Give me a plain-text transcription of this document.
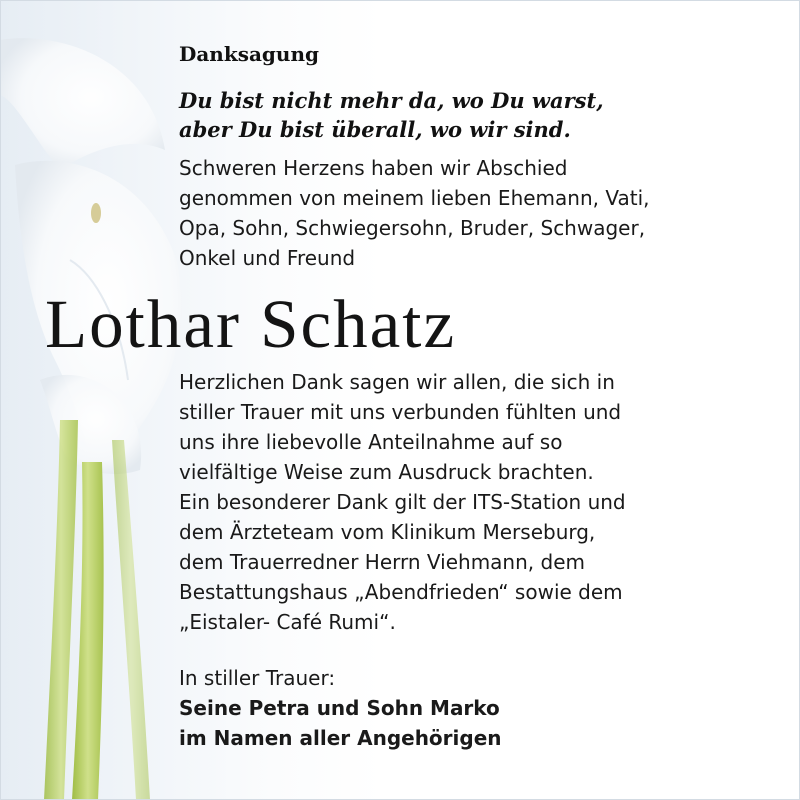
Danksagung

Du bist nicht mehr da, wo Du warst,
aber Du bist überall, wo wir sind.

Schweren Herzens haben wir Abschied
genommen von meinem lieben Ehemann, Vati,
Opa, Sohn, Schwiegersohn, Bruder, Schwager,
Onkel und Freund

Lothar Schatz

Herzlichen Dank sagen wir allen, die sich in
stiller Trauer mit uns verbunden fühlten und
uns ihre liebevolle Anteilnahme auf so
vielfältige Weise zum Ausdruck brachten.
Ein besonderer Dank gilt der ITS-Station und
dem Ärzteteam vom Klinikum Merseburg,
dem Trauerredner Herrn Viehmann, dem
Bestattungshaus „Abendfrieden“ sowie dem
„Eistaler- Café Rumi“.

In stiller Trauer:
Seine Petra und Sohn Marko
im Namen aller Angehörigen
